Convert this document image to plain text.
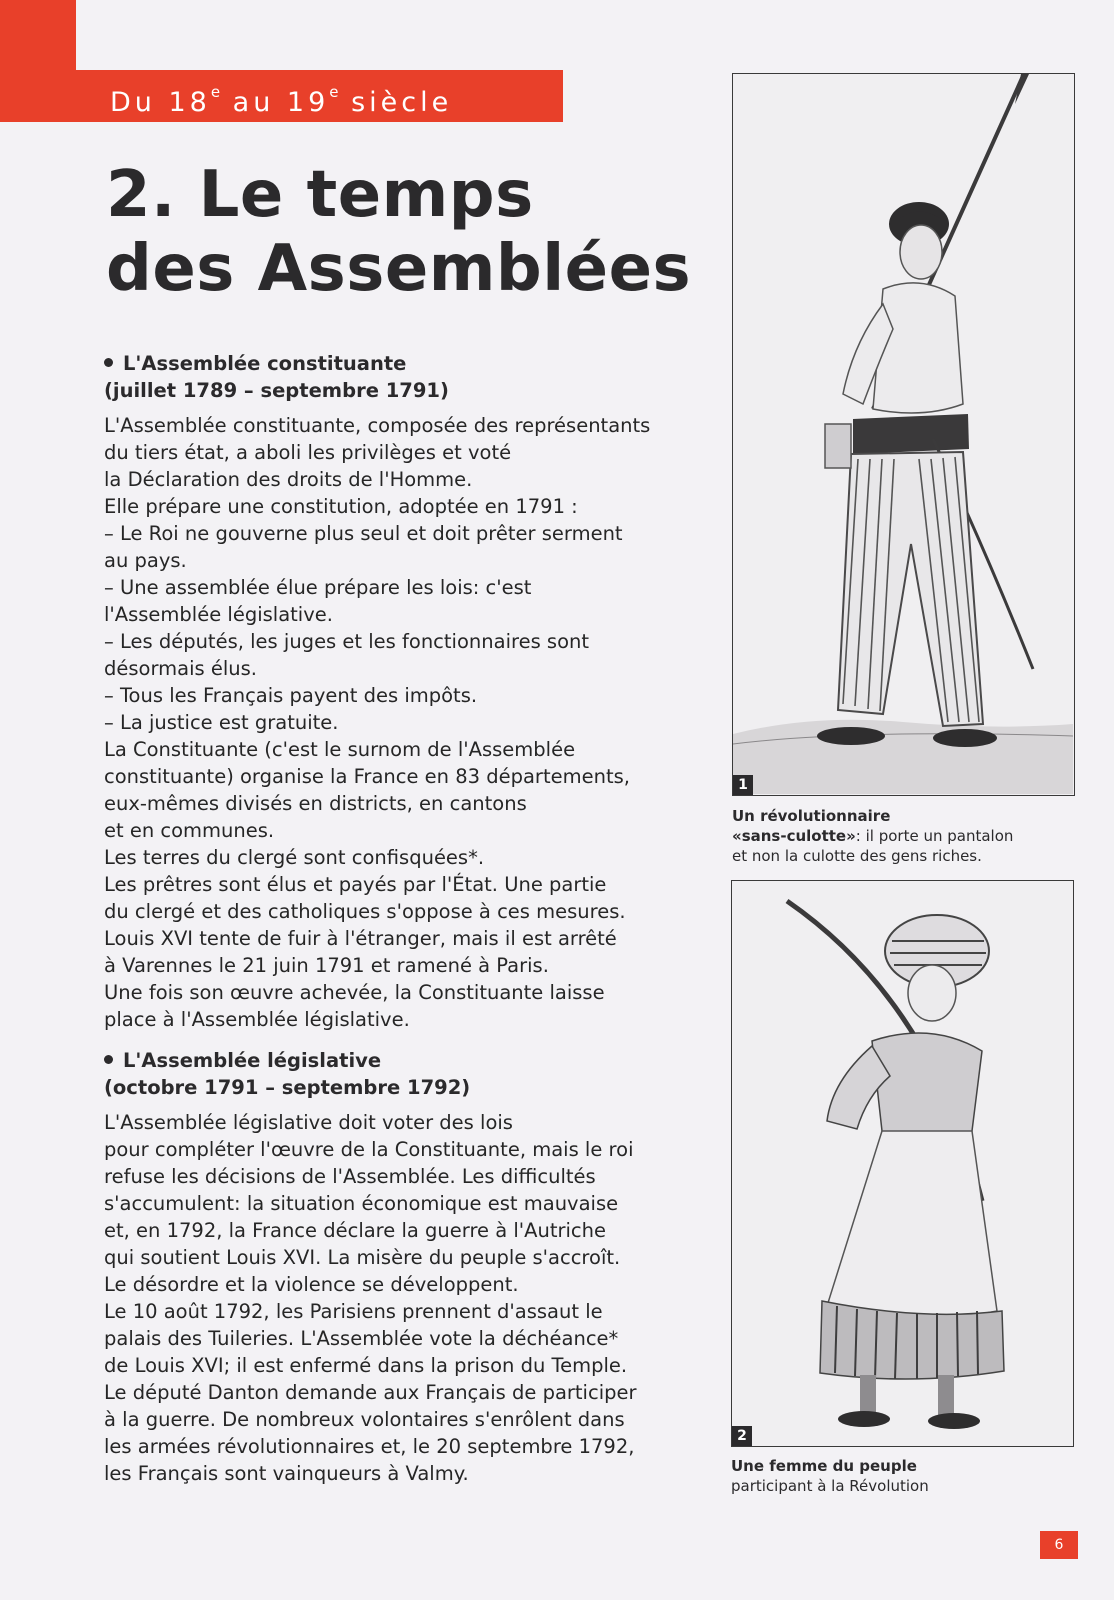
Du 18e au 19e siècle
2. Le temps
des Assemblées

L'Assemblée constituante
(juillet 1789 – septembre 1791)

L'Assemblée constituante, composée des représentants
du tiers état, a aboli les privilèges et voté
la Déclaration des droits de l'Homme.
Elle prépare une constitution, adoptée en 1791 :
– Le Roi ne gouverne plus seul et doit prêter serment
au pays.
– Une assemblée élue prépare les lois: c'est
l'Assemblée législative.
– Les députés, les juges et les fonctionnaires sont
désormais élus.
– Tous les Français payent des impôts.
– La justice est gratuite.
La Constituante (c'est le surnom de l'Assemblée
constituante) organise la France en 83 départements,
eux-mêmes divisés en districts, en cantons
et en communes.
Les terres du clergé sont confisquées*.
Les prêtres sont élus et payés par l'État. Une partie
du clergé et des catholiques s'oppose à ces mesures.
Louis XVI tente de fuir à l'étranger, mais il est arrêté
à Varennes le 21 juin 1791 et ramené à Paris.
Une fois son œuvre achevée, la Constituante laisse
place à l'Assemblée législative.

L'Assemblée législative
(octobre 1791 – septembre 1792)

L'Assemblée législative doit voter des lois
pour compléter l'œuvre de la Constituante, mais le roi
refuse les décisions de l'Assemblée. Les difficultés
s'accumulent: la situation économique est mauvaise
et, en 1792, la France déclare la guerre à l'Autriche
qui soutient Louis XVI. La misère du peuple s'accroît.
Le désordre et la violence se développent.
Le 10 août 1792, les Parisiens prennent d'assaut le
palais des Tuileries. L'Assemblée vote la déchéance*
de Louis XVI; il est enfermé dans la prison du Temple.
Le député Danton demande aux Français de participer
à la guerre. De nombreux volontaires s'enrôlent dans
les armées révolutionnaires et, le 20 septembre 1792,
les Français sont vainqueurs à Valmy.

1
Un révolutionnaire
«sans-culotte»: il porte un pantalon
et non la culotte des gens riches.
2
Une femme du peuple
participant à la Révolution
6
